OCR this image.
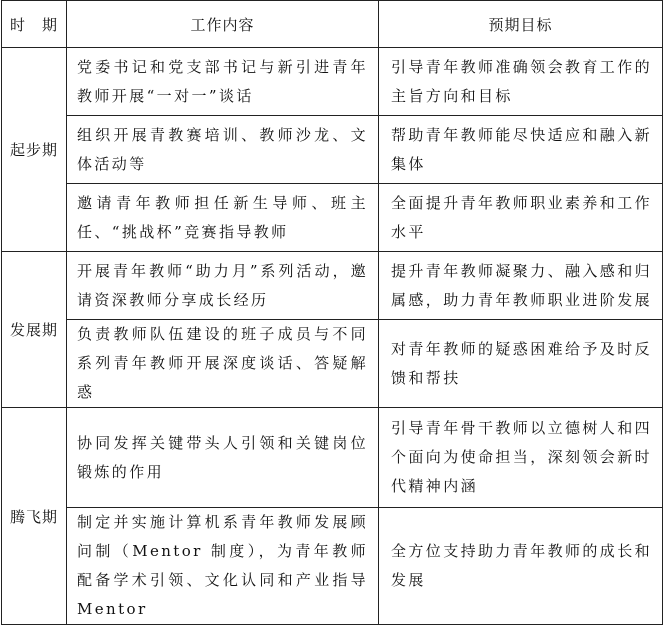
时　期	工作内容	预期目标
起步期	党委书记和党支部书记与新引进青年教师开展“一对一”谈话	引导青年教师准确领会教育工作的主旨方向和目标
	组织开展青教赛培训、教师沙龙、文体活动等	帮助青年教师能尽快适应和融入新集体
	邀请青年教师担任新生导师、班主任、“挑战杯”竞赛指导教师	全面提升青年教师职业素养和工作水平
发展期	开展青年教师“助力月”系列活动，邀请资深教师分享成长经历	提升青年教师凝聚力、融入感和归属感，助力青年教师职业进阶发展
	负责教师队伍建设的班子成员与不同系列青年教师开展深度谈话、答疑解惑	对青年教师的疑惑困难给予及时反馈和帮扶
腾飞期	协同发挥关键带头人引领和关键岗位锻炼的作用	引导青年骨干教师以立德树人和四个面向为使命担当，深刻领会新时代精神内涵
	制定并实施计算机系青年教师发展顾问制（Mentor 制度），为青年教师配备学术引领、文化认同和产业指导 Mentor	全方位支持助力青年教师的成长和发展
